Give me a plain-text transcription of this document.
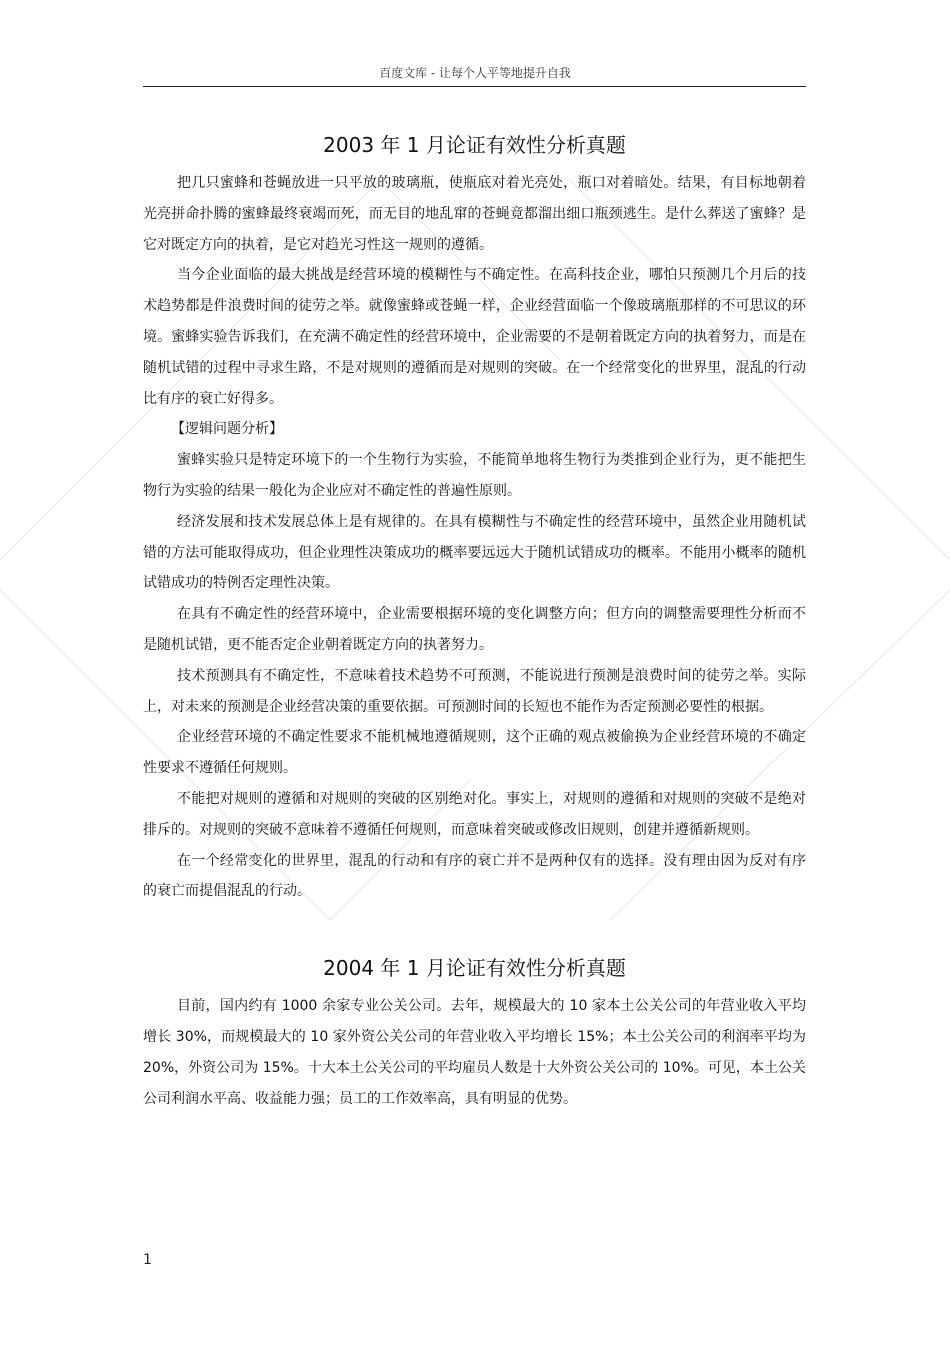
百度文库 - 让每个人平等地提升自我
2003 年 1 月论证有效性分析真题

把几只蜜蜂和苍蝇放进一只平放的玻璃瓶，使瓶底对着光亮处，瓶口对着暗处。结果，有目标地朝着光亮拼命扑腾的蜜蜂最终衰竭而死，而无目的地乱窜的苍蝇竟都溜出细口瓶颈逃生。是什么葬送了蜜蜂？是它对既定方向的执着，是它对趋光习性这一规则的遵循。

当今企业面临的最大挑战是经营环境的模糊性与不确定性。在高科技企业，哪怕只预测几个月后的技术趋势都是件浪费时间的徒劳之举。就像蜜蜂或苍蝇一样，企业经营面临一个像玻璃瓶那样的不可思议的环境。蜜蜂实验告诉我们，在充满不确定性的经营环境中，企业需要的不是朝着既定方向的执着努力，而是在随机试错的过程中寻求生路，不是对规则的遵循而是对规则的突破。在一个经常变化的世界里，混乱的行动比有序的衰亡好得多。

【逻辑问题分析】

蜜蜂实验只是特定环境下的一个生物行为实验，不能简单地将生物行为类推到企业行为，更不能把生物行为实验的结果一般化为企业应对不确定性的普遍性原则。

经济发展和技术发展总体上是有规律的。在具有模糊性与不确定性的经营环境中，虽然企业用随机试错的方法可能取得成功，但企业理性决策成功的概率要远远大于随机试错成功的概率。不能用小概率的随机试错成功的特例否定理性决策。

在具有不确定性的经营环境中，企业需要根据环境的变化调整方向；但方向的调整需要理性分析而不是随机试错，更不能否定企业朝着既定方向的执著努力。

技术预测具有不确定性，不意味着技术趋势不可预测，不能说进行预测是浪费时间的徒劳之举。实际上，对未来的预测是企业经营决策的重要依据。可预测时间的长短也不能作为否定预测必要性的根据。

企业经营环境的不确定性要求不能机械地遵循规则，这个正确的观点被偷换为企业经营环境的不确定性要求不遵循任何规则。

不能把对规则的遵循和对规则的突破的区别绝对化。事实上，对规则的遵循和对规则的突破不是绝对排斥的。对规则的突破不意味着不遵循任何规则，而意味着突破或修改旧规则，创建并遵循新规则。

在一个经常变化的世界里，混乱的行动和有序的衰亡并不是两种仅有的选择。没有理由因为反对有序的衰亡而提倡混乱的行动。

2004 年 1 月论证有效性分析真题

目前，国内约有 1000 余家专业公关公司。去年，规模最大的 10 家本土公关公司的年营业收入平均增长 30%，而规模最大的 10 家外资公关公司的年营业收入平均增长 15%；本土公关公司的利润率平均为 20%，外资公司为 15%。十大本土公关公司的平均雇员人数是十大外资公关公司的 10%。可见，本土公关公司利润水平高、收益能力强；员工的工作效率高，具有明显的优势。

1
